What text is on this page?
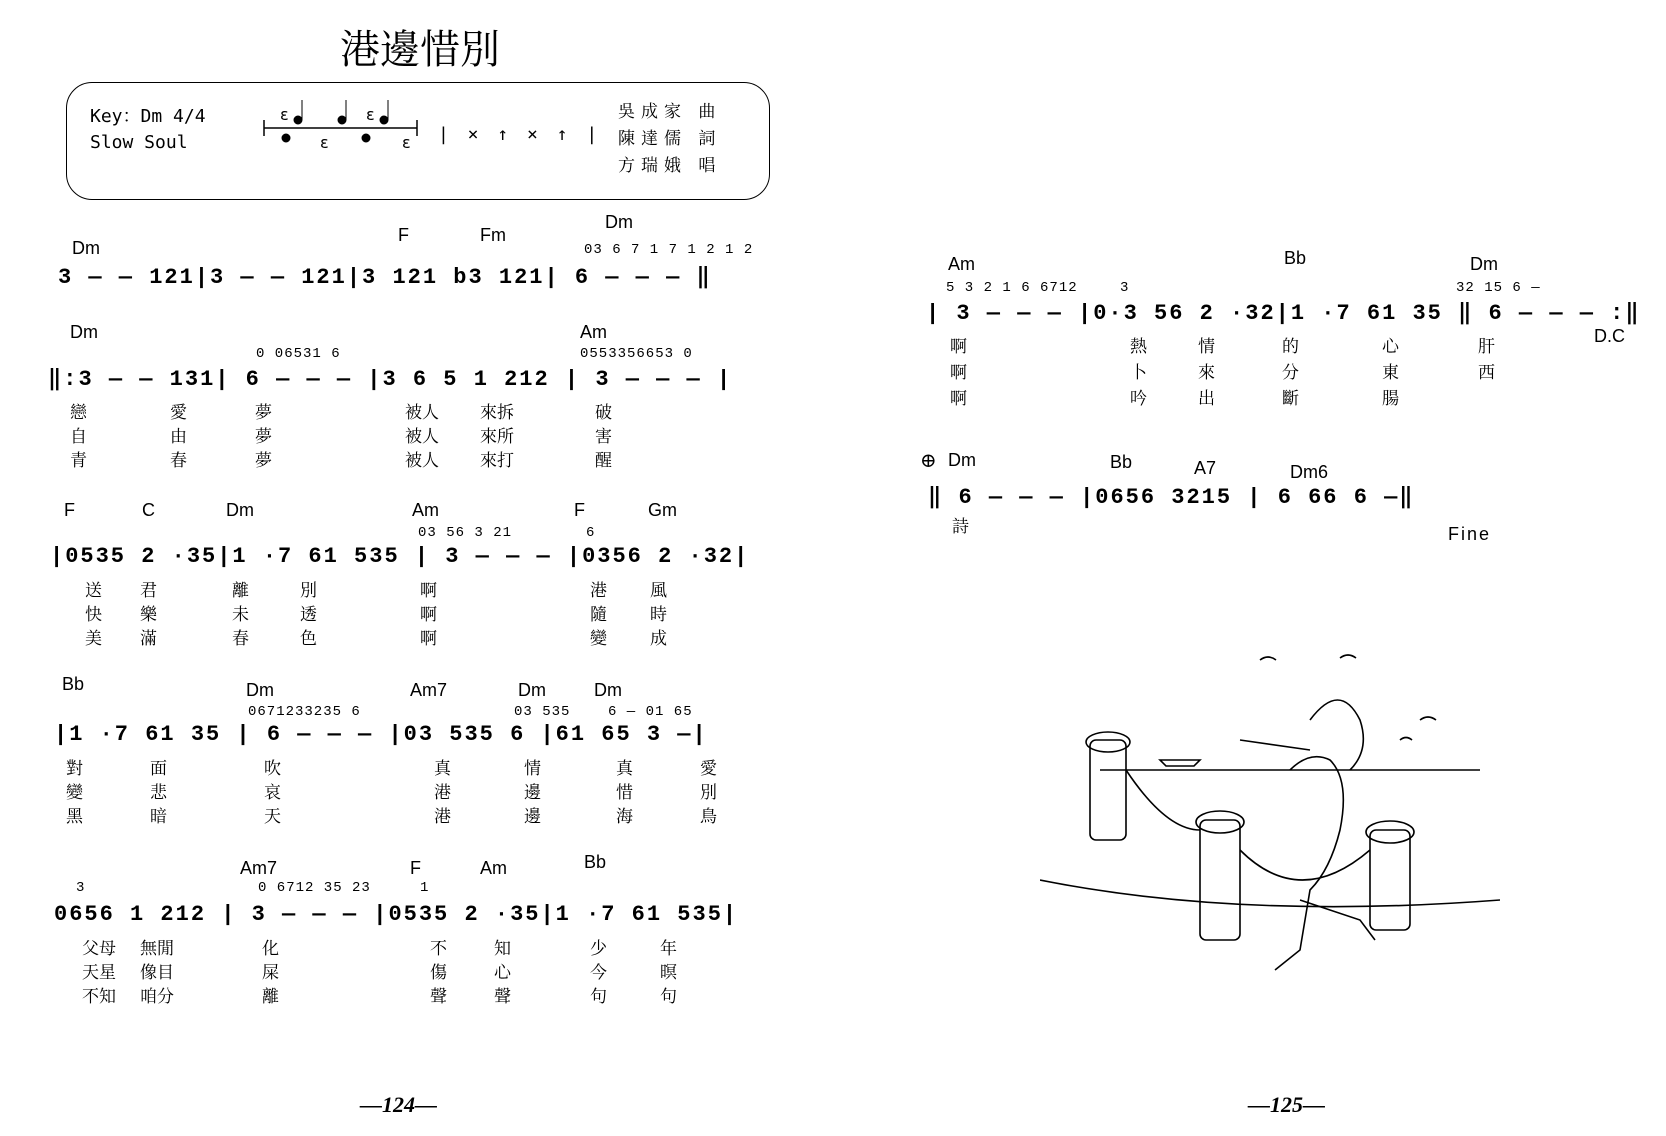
港邊惜別
Key：Dm 4/4
Slow Soul
ɛ	ɛ
ɛ	ɛ | × ↑ × ↑ |
吳成家 曲
陳達儒 詞
方瑞娥 唱
Dm
F	Fm
Dm
03 6 7 1 7 1 2 1 2
3 — — 121|3 — — 121|3 121 b3 121| 6 — — — ‖
Dm	Am
0 06531 6	0553356653 0
‖:3 — — 131| 6 — — — |3 6 5 1 212 | 3 — — — |
戀	愛	夢	被人 來拆	破
自	由	夢	被人 來所	害
青	春	夢	被人 來打	醒
F	C	Dm	Am	F	Gm
03 56 3 21	6
|0535 2 ·35|1 ·7 61 535 | 3 — — — |0356 2 ·32|
送 君	離	別	啊	港	風
快 樂	未	透	啊	隨	時
美 滿	春	色	啊	變	成
Bb	Dm	Am7	Dm	Dm
0671233235 6	03 535	6 — 01 65
|1 ·7 61 35 | 6 — — — |03 535 6 |61 65 3 —|
對	面	吹	真	情	真	愛
變	悲	哀	港	邊	惜	別
黑	暗	天	港	邊	海	鳥
Am7	F	Am	Bb
3	0 6712 35 23	1
0656 1 212 | 3 — — — |0535 2 ·35|1 ·7 61 535|
父母 無閒	化	不	知	少	年
天星 像目	屎	傷	心	今	暝
不知 咱分	離	聲	聲	句	句
—124—
Am	Bb	Dm
5 3 2 1 6 6712	3	32 15 6 —
| 3 — — — |0·3 56 2 ·32|1 ·7 61 35 ‖ 6 — — — :‖
D.C
啊	熱	情	的	心	肝
啊	卜	來	分	東	西
啊	吟	出	斷	腸
⊕ Dm	Bb	A7	Dm6
‖ 6 — — — |0656 3215 | 6 66 6 —‖
詩	Fine
—125—
